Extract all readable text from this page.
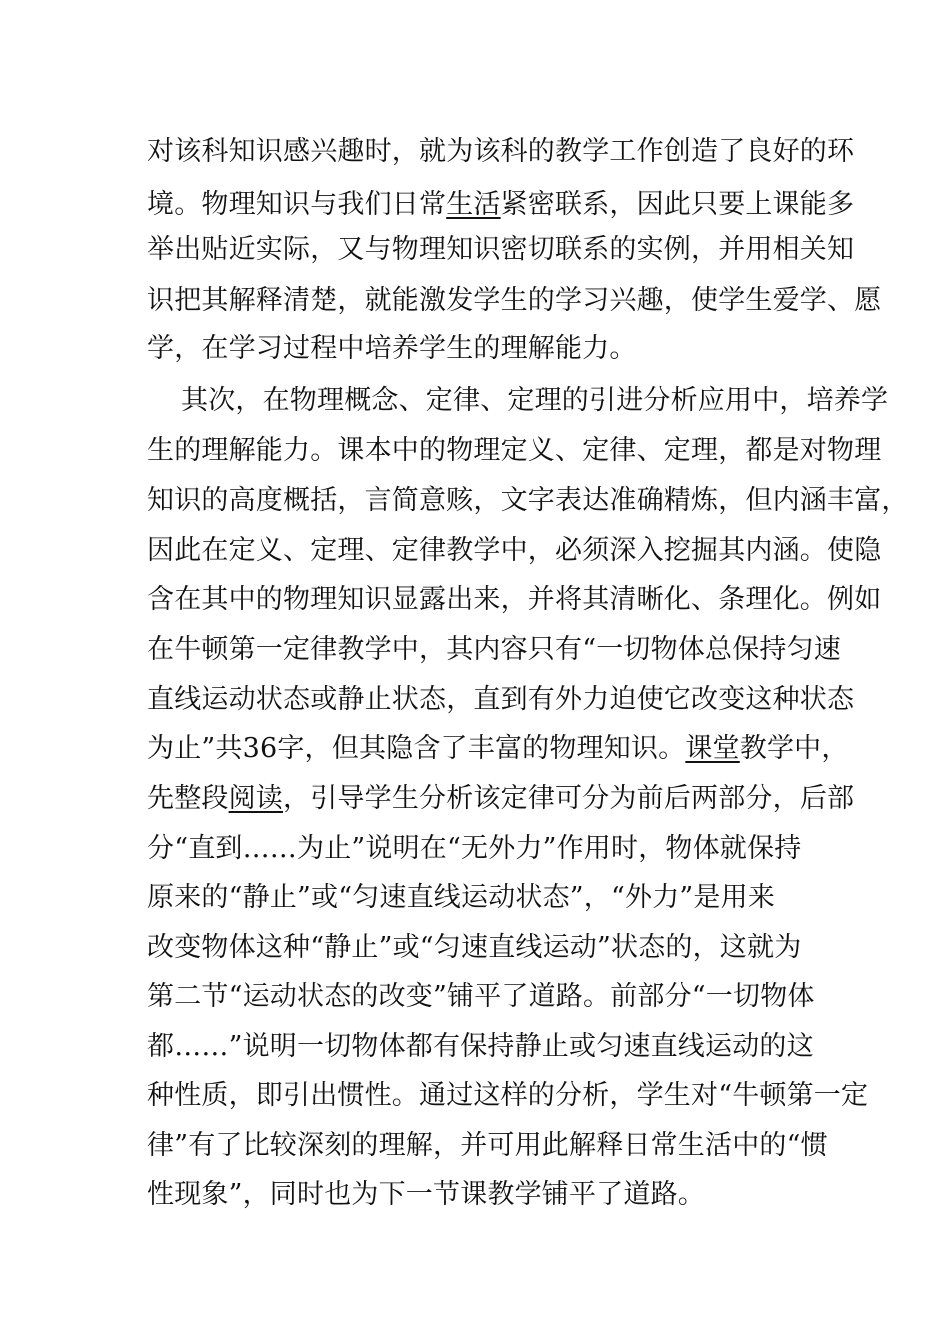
对该科知识感兴趣时，就为该科的教学工作创造了良好的环
境。物理知识与我们日常生活紧密联系，因此只要上课能多
举出贴近实际，又与物理知识密切联系的实例，并用相关知
识把其解释清楚，就能激发学生的学习兴趣，使学生爱学、愿
学，在学习过程中培养学生的理解能力。
其次，在物理概念、定律、定理的引进分析应用中，培养学
生的理解能力。课本中的物理定义、定律、定理，都是对物理
知识的高度概括，言简意赅，文字表达准确精炼，但内涵丰富，
因此在定义、定理、定律教学中，必须深入挖掘其内涵。使隐
含在其中的物理知识显露出来，并将其清晰化、条理化。例如
在牛顿第一定律教学中，其内容只有“一切物体总保持匀速
直线运动状态或静止状态，直到有外力迫使它改变这种状态
为止”共36字，但其隐含了丰富的物理知识。课堂教学中，
先整段阅读，引导学生分析该定律可分为前后两部分，后部
分“直到……为止”说明在“无外力”作用时，物体就保持
原来的“静止”或“匀速直线运动状态”，“外力”是用来
改变物体这种“静止”或“匀速直线运动”状态的，这就为
第二节“运动状态的改变”铺平了道路。前部分“一切物体
都……”说明一切物体都有保持静止或匀速直线运动的这
种性质，即引出惯性。通过这样的分析，学生对“牛顿第一定
律”有了比较深刻的理解，并可用此解释日常生活中的“惯
性现象”，同时也为下一节课教学铺平了道路。
